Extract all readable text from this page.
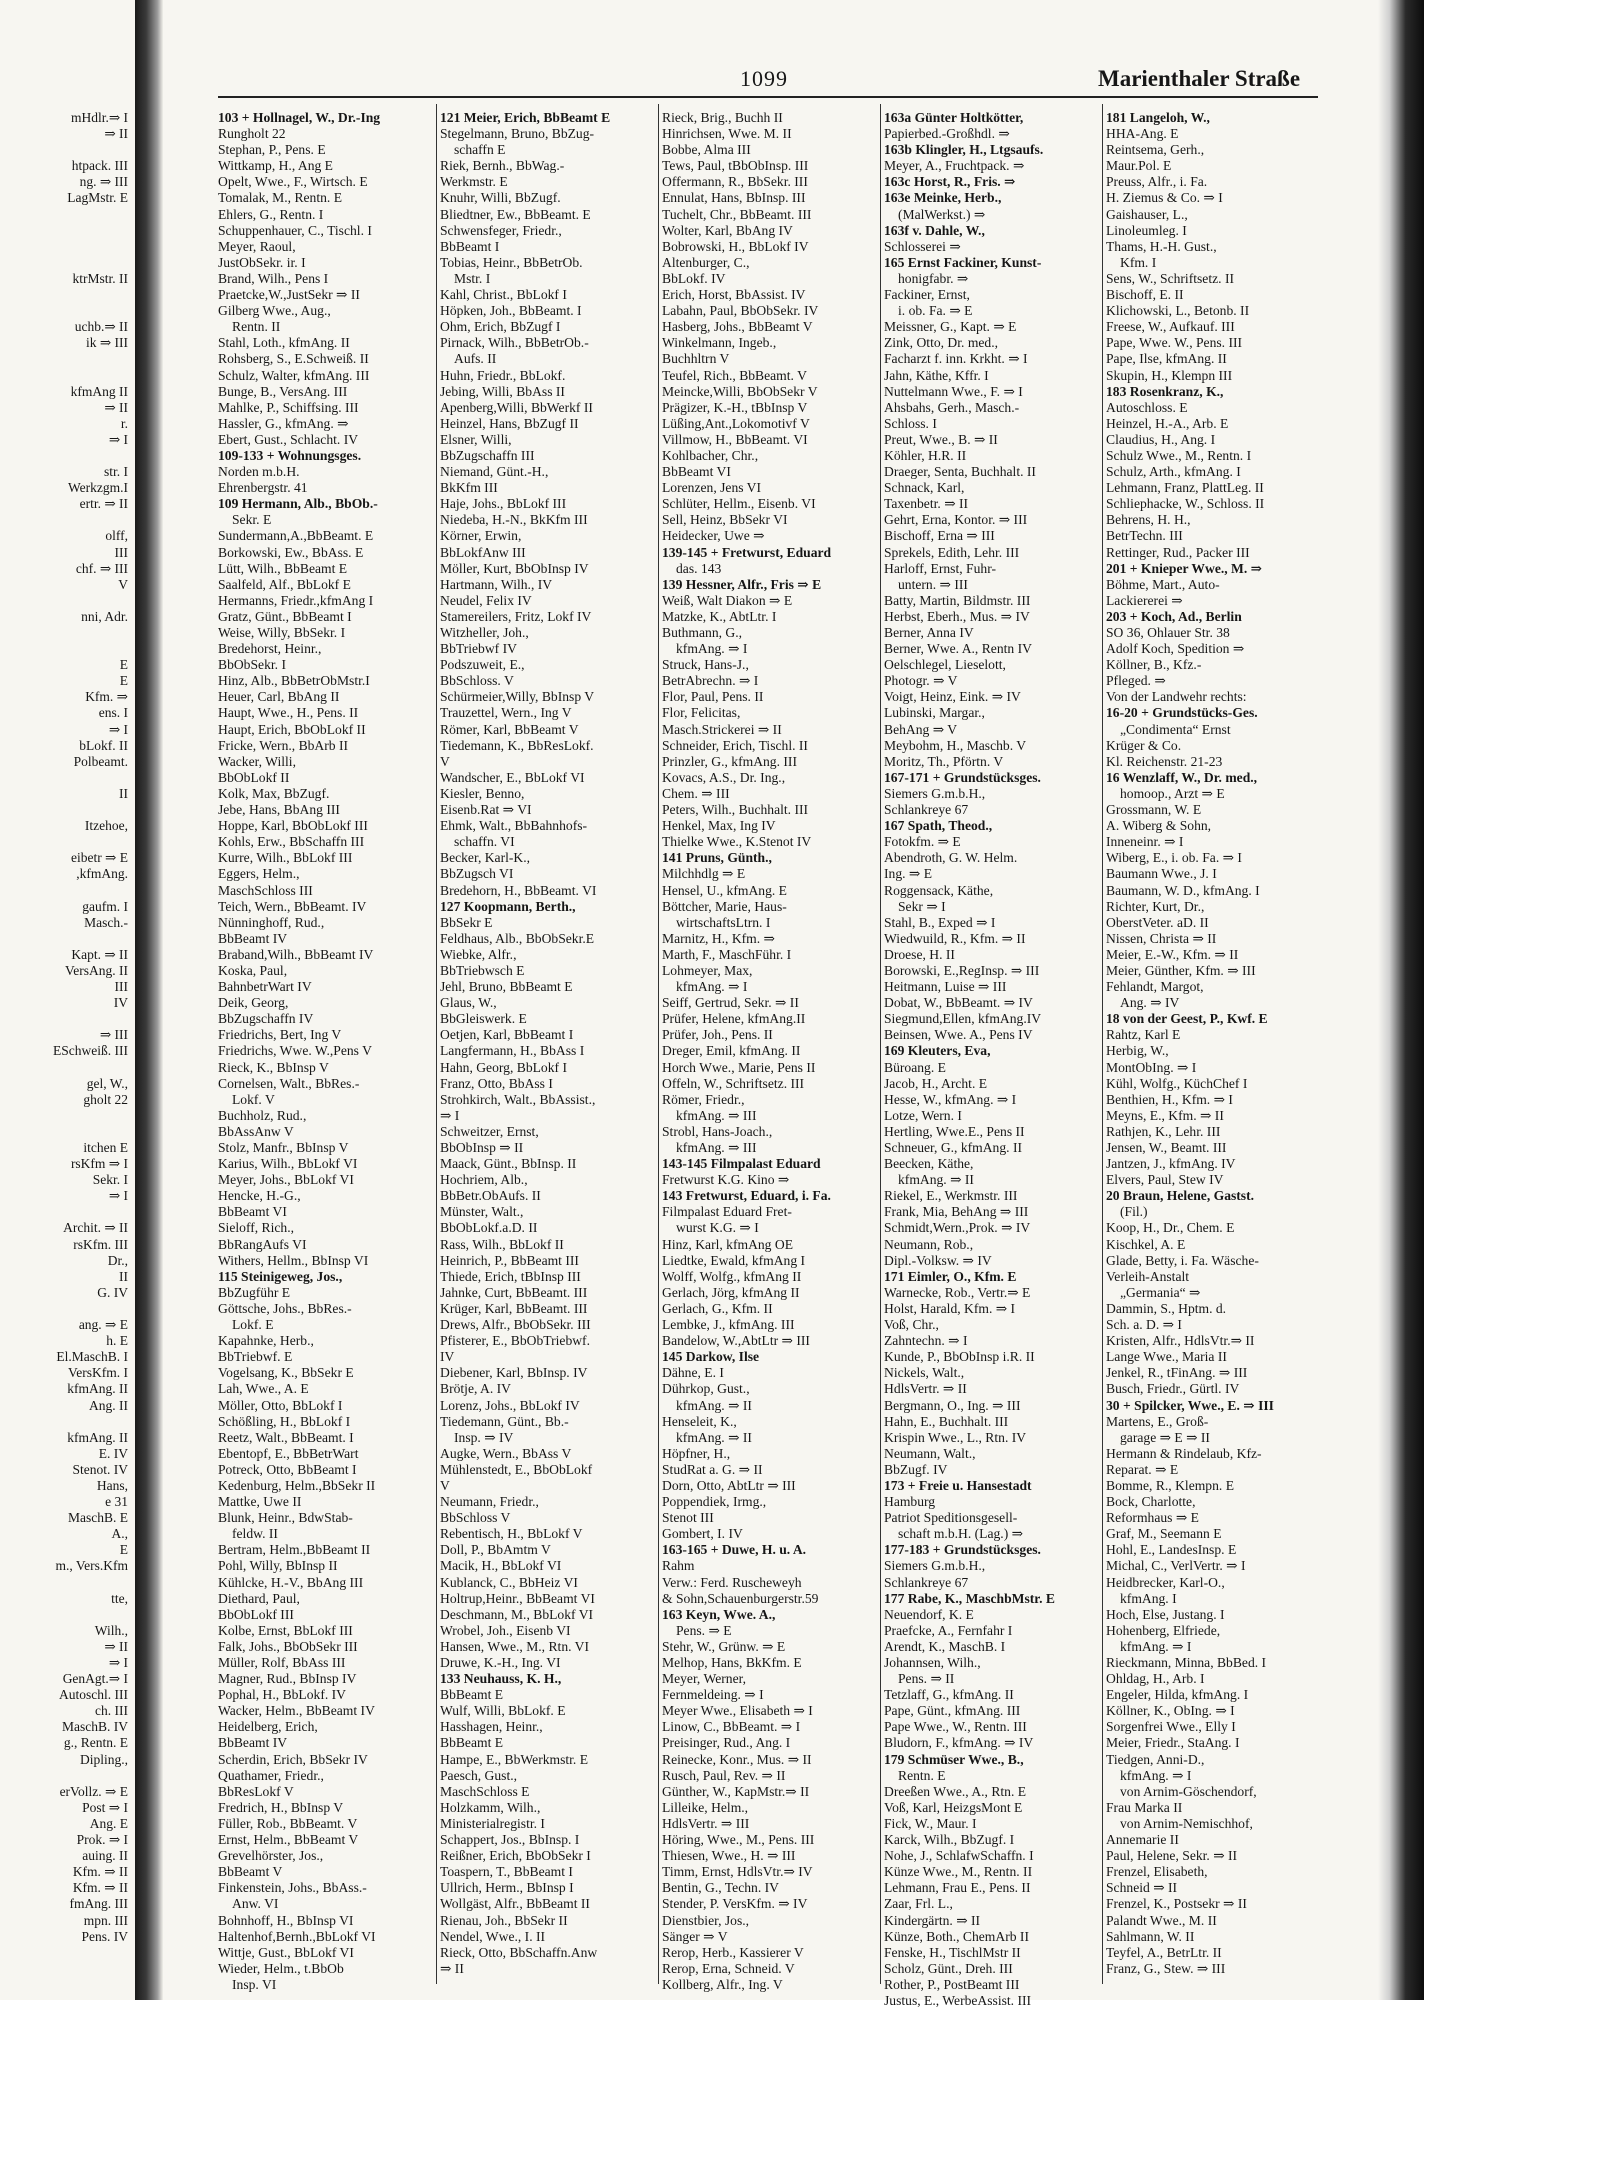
mHdlr.⇒ I
⇒ II

htpack. III
ng. ⇒ III
LagMstr. E

ktrMstr. II

uchb.⇒ II
ik ⇒ III

kfmAng II
⇒ II
r.
⇒ I

str. I
Werkzgm.I
ertr. ⇒ II

olff,
III
chf. ⇒ III
V

nni, Adr.

E
E
Kfm. ⇒
ens. I
⇒ I
bLokf. II
Polbeamt.

II

Itzehoe,

eibetr ⇒ E
,kfmAng.

gaufm. I
Masch.-

Kapt. ⇒ II
VersAng. II
III
IV

⇒ III
ESchweiß. III

gel, W.,
gholt 22

itchen E
rsKfm ⇒ I
Sekr. I
⇒ I

Archit. ⇒ II
rsKfm. III
Dr.,
II
G. IV

ang. ⇒ E
h. E
El.MaschB. I
VersKfm. I
kfmAng. II
Ang. II

kfmAng. II
E. IV
Stenot. IV
Hans,
e 31
MaschB. E
A.,
E
m., Vers.Kfm

tte,

Wilh.,
⇒ II
⇒ I
GenAgt.⇒ I
Autoschl. III
ch. III
MaschB. IV
g., Rentn. E
Dipling.,

erVollz. ⇒ E
Post ⇒ I
Ang. E
Prok. ⇒ I
auing. II
Kfm. ⇒ II
Kfm. ⇒ II
fmAng. III
mpn. III
Pens. IV
1099	Marienthaler Straße
103 + Hollnagel, W., Dr.-Ing
Rungholt 22
Stephan, P., Pens. E
Wittkamp, H., Ang E
Opelt, Wwe., F., Wirtsch. E
Tomalak, M., Rentn. E
Ehlers, G., Rentn. I
Schuppenhauer, C., Tischl. I
Meyer, Raoul,
JustObSekr. ir. I
Brand, Wilh., Pens I
Praetcke,W.,JustSekr ⇒ II
Gilberg Wwe., Aug.,
Rentn. II
Stahl, Loth., kfmAng. II
Rohsberg, S., E.Schweiß. II
Schulz, Walter, kfmAng. III
Bunge, B., VersAng. III
Mahlke, P., Schiffsing. III
Hassler, G., kfmAng. ⇒
Ebert, Gust., Schlacht. IV
109-133 + Wohnungsges.
Norden m.b.H.
Ehrenbergstr. 41
109 Hermann, Alb., BbOb.-
Sekr. E
Sundermann,A.,BbBeamt. E
Borkowski, Ew., BbAss. E
Lütt, Wilh., BbBeamt E
Saalfeld, Alf., BbLokf E
Hermanns, Friedr.,kfmAng I
Gratz, Günt., BbBeamt I
Weise, Willy, BbSekr. I
Bredehorst, Heinr.,
BbObSekr. I
Hinz, Alb., BbBetrObMstr.I
Heuer, Carl, BbAng II
Haupt, Wwe., H., Pens. II
Haupt, Erich, BbObLokf II
Fricke, Wern., BbArb II
Wacker, Willi,
BbObLokf II
Kolk, Max, BbZugf.
Jebe, Hans, BbAng III
Hoppe, Karl, BbObLokf III
Kohls, Erw., BbSchaffn III
Kurre, Wilh., BbLokf III
Eggers, Helm.,
MaschSchloss III
Teich, Wern., BbBeamt. IV
Nünninghoff, Rud.,
BbBeamt IV
Braband,Wilh., BbBeamt IV
Koska, Paul,
BahnbetrWart IV
Deik, Georg,
BbZugschaffn IV
Friedrichs, Bert, Ing V
Friedrichs, Wwe. W.,Pens V
Rieck, K., BbInsp V
Cornelsen, Walt., BbRes.-
Lokf. V
Buchholz, Rud.,
BbAssAnw V
Stolz, Manfr., BbInsp V
Karius, Wilh., BbLokf VI
Meyer, Johs., BbLokf VI
Hencke, H.-G.,
BbBeamt VI
Sieloff, Rich.,
BbRangAufs VI
Withers, Hellm., BbInsp VI
115 Steinigeweg, Jos.,
BbZugführ E
Göttsche, Johs., BbRes.-
Lokf. E
Kapahnke, Herb.,
BbTriebwf. E
Vogelsang, K., BbSekr E
Lah, Wwe., A. E
Möller, Otto, BbLokf I
Schößling, H., BbLokf I
Reetz, Walt., BbBeamt. I
Ebentopf, E., BbBetrWart
Potreck, Otto, BbBeamt I
Kedenburg, Helm.,BbSekr II
Mattke, Uwe II
Blunk, Heinr., BdwStab-
feldw. II
Bertram, Helm.,BbBeamt II
Pohl, Willy, BbInsp II
Kühlcke, H.-V., BbAng III
Diethard, Paul,
BbObLokf III
Kolbe, Ernst, BbLokf III
Falk, Johs., BbObSekr III
Müller, Rolf, BbAss III
Magner, Rud., BbInsp IV
Pophal, H., BbLokf. IV
Wacker, Helm., BbBeamt IV
Heidelberg, Erich,
BbBeamt IV
Scherdin, Erich, BbSekr IV
Quathamer, Friedr.,
BbResLokf V
Fredrich, H., BbInsp V
Füller, Rob., BbBeamt. V
Ernst, Helm., BbBeamt V
Grevelhörster, Jos.,
BbBeamt V
Finkenstein, Johs., BbAss.-
Anw. VI
Bohnhoff, H., BbInsp VI
Haltenhof,Bernh.,BbLokf VI
Wittje, Gust., BbLokf VI
Wieder, Helm., t.BbOb
Insp. VI
121 Meier, Erich, BbBeamt E
Stegelmann, Bruno, BbZug-
schaffn E
Riek, Bernh., BbWag.-
Werkmstr. E
Knuhr, Willi, BbZugf.
Bliedtner, Ew., BbBeamt. E
Schwensfeger, Friedr.,
BbBeamt I
Tobias, Heinr., BbBetrOb.
Mstr. I
Kahl, Christ., BbLokf I
Höpken, Joh., BbBeamt. I
Ohm, Erich, BbZugf I
Pirnack, Wilh., BbBetrOb.-
Aufs. II
Huhn, Friedr., BbLokf.
Jebing, Willi, BbAss II
Apenberg,Willi, BbWerkf II
Heinzel, Hans, BbZugf II
Elsner, Willi,
BbZugschaffn III
Niemand, Günt.-H.,
BkKfm III
Haje, Johs., BbLokf III
Niedeba, H.-N., BkKfm III
Körner, Erwin,
BbLokfAnw III
Möller, Kurt, BbObInsp IV
Hartmann, Wilh., IV
Neudel, Felix IV
Stamereilers, Fritz, Lokf IV
Witzheller, Joh.,
BbTriebwf IV
Podszuweit, E.,
BbSchloss. V
Schürmeier,Willy, BbInsp V
Trauzettel, Wern., Ing V
Römer, Karl, BbBeamt V
Tiedemann, K., BbResLokf.
V
Wandscher, E., BbLokf VI
Kiesler, Benno,
Eisenb.Rat ⇒ VI
Ehmk, Walt., BbBahnhofs-
schaffn. VI
Becker, Karl-K.,
BbZugsch VI
Bredehorn, H., BbBeamt. VI
127 Koopmann, Berth.,
BbSekr E
Feldhaus, Alb., BbObSekr.E
Wiebke, Alfr.,
BbTriebwsch E
Jehl, Bruno, BbBeamt E
Glaus, W.,
BbGleiswerk. E
Oetjen, Karl, BbBeamt I
Langfermann, H., BbAss I
Hahn, Georg, BbLokf I
Franz, Otto, BbAss I
Strohkirch, Walt., BbAssist.,
⇒ I
Schweitzer, Ernst,
BbObInsp ⇒ II
Maack, Günt., BbInsp. II
Hochriem, Alb.,
BbBetr.ObAufs. II
Münster, Walt.,
BbObLokf.a.D. II
Rass, Wilh., BbLokf II
Heinrich, P., BbBeamt III
Thiede, Erich, tBbInsp III
Jahnke, Curt, BbBeamt. III
Krüger, Karl, BbBeamt. III
Drews, Alfr., BbObSekr. III
Pfisterer, E., BbObTriebwf.
IV
Diebener, Karl, BbInsp. IV
Brötje, A. IV
Lorenz, Johs., BbLokf IV
Tiedemann, Günt., Bb.-
Insp. ⇒ IV
Augke, Wern., BbAss V
Mühlenstedt, E., BbObLokf
V
Neumann, Friedr.,
BbSchloss V
Rebentisch, H., BbLokf V
Doll, P., BbAmtm V
Macik, H., BbLokf VI
Kublanck, C., BbHeiz VI
Holtrup,Heinr., BbBeamt VI
Deschmann, M., BbLokf VI
Wrobel, Joh., Eisenb VI
Hansen, Wwe., M., Rtn. VI
Druwe, K.-H., Ing. VI
133 Neuhauss, K. H.,
BbBeamt E
Wulf, Willi, BbLokf. E
Hasshagen, Heinr.,
BbBeamt E
Hampe, E., BbWerkmstr. E
Paesch, Gust.,
MaschSchloss E
Holzkamm, Wilh.,
Ministerialregistr. I
Schappert, Jos., BbInsp. I
Reißner, Erich, BbObSekr I
Toaspern, T., BbBeamt I
Ullrich, Herm., BbInsp I
Wollgäst, Alfr., BbBeamt II
Rienau, Joh., BbSekr II
Nendel, Wwe., I. II
Rieck, Otto, BbSchaffn.Anw
⇒ II
Rieck, Brig., Buchh II
Hinrichsen, Wwe. M. II
Bobbe, Alma III
Tews, Paul, tBbObInsp. III
Offermann, R., BbSekr. III
Ennulat, Hans, BbInsp. III
Tuchelt, Chr., BbBeamt. III
Wolter, Karl, BbAng IV
Bobrowski, H., BbLokf IV
Altenburger, C.,
BbLokf. IV
Erich, Horst, BbAssist. IV
Labahn, Paul, BbObSekr. IV
Hasberg, Johs., BbBeamt V
Winkelmann, Ingeb.,
Buchhltrn V
Teufel, Rich., BbBeamt. V
Meincke,Willi, BbObSekr V
Prägizer, K.-H., tBbInsp V
Lüßing,Ant.,Lokomotivf V
Villmow, H., BbBeamt. VI
Kohlbacher, Chr.,
BbBeamt VI
Lorenzen, Jens VI
Schlüter, Hellm., Eisenb. VI
Sell, Heinz, BbSekr VI
Heidecker, Uwe ⇒
139-145 + Fretwurst, Eduard
das. 143
139 Hessner, Alfr., Fris ⇒ E
Weiß, Walt Diakon ⇒ E
Matzke, K., AbtLtr. I
Buthmann, G.,
kfmAng. ⇒ I
Struck, Hans-J.,
BetrAbrechn. ⇒ I
Flor, Paul, Pens. II
Flor, Felicitas,
Masch.Strickerei ⇒ II
Schneider, Erich, Tischl. II
Prinzler, G., kfmAng. III
Kovacs, A.S., Dr. Ing.,
Chem. ⇒ III
Peters, Wilh., Buchhalt. III
Henkel, Max, Ing IV
Thielke Wwe., K.Stenot IV
141 Pruns, Günth.,
Milchhdlg ⇒ E
Hensel, U., kfmAng. E
Böttcher, Marie, Haus-
wirtschaftsLtrn. I
Marnitz, H., Kfm. ⇒
Marth, F., MaschFühr. I
Lohmeyer, Max,
kfmAng. ⇒ I
Seiff, Gertrud, Sekr. ⇒ II
Prüfer, Helene, kfmAng.II
Prüfer, Joh., Pens. II
Dreger, Emil, kfmAng. II
Horch Wwe., Marie, Pens II
Offeln, W., Schriftsetz. III
Römer, Friedr.,
kfmAng. ⇒ III
Strobl, Hans-Joach.,
kfmAng. ⇒ III
143-145 Filmpalast Eduard
Fretwurst K.G. Kino ⇒
143 Fretwurst, Eduard, i. Fa.
Filmpalast Eduard Fret-
wurst K.G. ⇒ I
Hinz, Karl, kfmAng OE
Liedtke, Ewald, kfmAng I
Wolff, Wolfg., kfmAng II
Gerlach, Jörg, kfmAng II
Gerlach, G., Kfm. II
Lembke, J., kfmAng. III
Bandelow, W.,AbtLtr ⇒ III
145 Darkow, Ilse
Dähne, E. I
Dührkop, Gust.,
kfmAng. ⇒ II
Henseleit, K.,
kfmAng. ⇒ II
Höpfner, H.,
StudRat a. G. ⇒ II
Dorn, Otto, AbtLtr ⇒ III
Poppendiek, Irmg.,
Stenot III
Gombert, I. IV
163-165 + Duwe, H. u. A.
Rahm
Verw.: Ferd. Ruscheweyh
& Sohn,Schauenburgerstr.59
163 Keyn, Wwe. A.,
Pens. ⇒ E
Stehr, W., Grünw. ⇒ E
Melhop, Hans, BkKfm. E
Meyer, Werner,
Fernmeldeing. ⇒ I
Meyer Wwe., Elisabeth ⇒ I
Linow, C., BbBeamt. ⇒ I
Preisinger, Rud., Ang. I
Reinecke, Konr., Mus. ⇒ II
Rusch, Paul, Rev. ⇒ II
Günther, W., KapMstr.⇒ II
Lilleike, Helm.,
HdlsVertr. ⇒ III
Höring, Wwe., M., Pens. III
Thiesen, Wwe., H. ⇒ III
Timm, Ernst, HdlsVtr.⇒ IV
Bentin, G., Techn. IV
Stender, P. VersKfm. ⇒ IV
Dienstbier, Jos.,
Sänger ⇒ V
Rerop, Herb., Kassierer V
Rerop, Erna, Schneid. V
Kollberg, Alfr., Ing. V
163a Günter Holtkötter,
Papierbed.-Großhdl. ⇒
163b Klingler, H., Ltgsaufs.
Meyer, A., Fruchtpack. ⇒
163c Horst, R., Fris. ⇒
163e Meinke, Herb.,
(MalWerkst.) ⇒
163f v. Dahle, W.,
Schlosserei ⇒
165 Ernst Fackiner, Kunst-
honigfabr. ⇒
Fackiner, Ernst,
i. ob. Fa. ⇒ E
Meissner, G., Kapt. ⇒ E
Zink, Otto, Dr. med.,
Facharzt f. inn. Krkht. ⇒ I
Jahn, Käthe, Kffr. I
Nuttelmann Wwe., F. ⇒ I
Ahsbahs, Gerh., Masch.-
Schloss. I
Preut, Wwe., B. ⇒ II
Köhler, H.R. II
Draeger, Senta, Buchhalt. II
Schnack, Karl,
Taxenbetr. ⇒ II
Gehrt, Erna, Kontor. ⇒ III
Bischoff, Erna ⇒ III
Sprekels, Edith, Lehr. III
Harloff, Ernst, Fuhr-
untern. ⇒ III
Batty, Martin, Bildmstr. III
Herbst, Eberh., Mus. ⇒ IV
Berner, Anna IV
Berner, Wwe. A., Rentn IV
Oelschlegel, Lieselott,
Photogr. ⇒ V
Voigt, Heinz, Eink. ⇒ IV
Lubinski, Margar.,
BehAng ⇒ V
Meybohm, H., Maschb. V
Moritz, Th., Pförtn. V
167-171 + Grundstücksges.
Siemers G.m.b.H.,
Schlankreye 67
167 Spath, Theod.,
Fotokfm. ⇒ E
Abendroth, G. W. Helm.
Ing. ⇒ E
Roggensack, Käthe,
Sekr ⇒ I
Stahl, B., Exped ⇒ I
Wiedwuild, R., Kfm. ⇒ II
Droese, H. II
Borowski, E.,RegInsp. ⇒ III
Heitmann, Luise ⇒ III
Dobat, W., BbBeamt. ⇒ IV
Siegmund,Ellen, kfmAng.IV
Beinsen, Wwe. A., Pens IV
169 Kleuters, Eva,
Büroang. E
Jacob, H., Archt. E
Hesse, W., kfmAng. ⇒ I
Lotze, Wern. I
Hertling, Wwe.E., Pens II
Schneuer, G., kfmAng. II
Beecken, Käthe,
kfmAng. ⇒ II
Riekel, E., Werkmstr. III
Frank, Mia, BehAng ⇒ III
Schmidt,Wern.,Prok. ⇒ IV
Neumann, Rob.,
Dipl.-Volksw. ⇒ IV
171 Eimler, O., Kfm. E
Warnecke, Rob., Vertr.⇒ E
Holst, Harald, Kfm. ⇒ I
Voß, Chr.,
Zahntechn. ⇒ I
Kunde, P., BbObInsp i.R. II
Nickels, Walt.,
HdlsVertr. ⇒ II
Bergmann, O., Ing. ⇒ III
Hahn, E., Buchhalt. III
Krispin Wwe., L., Rtn. IV
Neumann, Walt.,
BbZugf. IV
173 + Freie u. Hansestadt
Hamburg
Patriot Speditionsgesell-
schaft m.b.H. (Lag.) ⇒
177-183 + Grundstücksges.
Siemers G.m.b.H.,
Schlankreye 67
177 Rabe, K., MaschbMstr. E
Neuendorf, K. E
Praefcke, A., Fernfahr I
Arendt, K., MaschB. I
Johannsen, Wilh.,
Pens. ⇒ II
Tetzlaff, G., kfmAng. II
Pape, Günt., kfmAng. III
Pape Wwe., W., Rentn. III
Bludorn, F., kfmAng. ⇒ IV
179 Schmüser Wwe., B.,
Rentn. E
Dreeßen Wwe., A., Rtn. E
Voß, Karl, HeizgsMont E
Fick, W., Maur. I
Karck, Wilh., BbZugf. I
Nohe, J., SchlafwSchaffn. I
Künze Wwe., M., Rentn. II
Lehmann, Frau E., Pens. II
Zaar, Frl. L.,
Kindergärtn. ⇒ II
Künze, Both., ChemArb II
Fenske, H., TischlMstr II
Scholz, Günt., Dreh. III
Rother, P., PostBeamt III
Justus, E., WerbeAssist. III
181 Langeloh, W.,
HHA-Ang. E
Reintsema, Gerh.,
Maur.Pol. E
Preuss, Alfr., i. Fa.
H. Ziemus & Co. ⇒ I
Gaishauser, L.,
Linoleumleg. I
Thams, H.-H. Gust.,
Kfm. I
Sens, W., Schriftsetz. II
Bischoff, E. II
Klichowski, L., Betonb. II
Freese, W., Aufkauf. III
Pape, Wwe. W., Pens. III
Pape, Ilse, kfmAng. II
Skupin, H., Klempn III
183 Rosenkranz, K.,
Autoschloss. E
Heinzel, H.-A., Arb. E
Claudius, H., Ang. I
Schulz Wwe., M., Rentn. I
Schulz, Arth., kfmAng. I
Lehmann, Franz, PlattLeg. II
Schliephacke, W., Schloss. II
Behrens, H. H.,
BetrTechn. III
Rettinger, Rud., Packer III
201 + Knieper Wwe., M. ⇒
Böhme, Mart., Auto-
Lackiererei ⇒
203 + Koch, Ad., Berlin
SO 36, Ohlauer Str. 38
Adolf Koch, Spedition ⇒
Köllner, B., Kfz.-
Pfleged. ⇒
Von der Landwehr rechts:
16-20 + Grundstücks-Ges.
„Condimenta“ Ernst
Krüger & Co.
Kl. Reichenstr. 21-23
16 Wenzlaff, W., Dr. med.,
homoop., Arzt ⇒ E
Grossmann, W. E
A. Wiberg & Sohn,
Inneneinr. ⇒ I
Wiberg, E., i. ob. Fa. ⇒ I
Baumann Wwe., J. I
Baumann, W. D., kfmAng. I
Richter, Kurt, Dr.,
OberstVeter. aD. II
Nissen, Christa ⇒ II
Meier, E.-W., Kfm. ⇒ II
Meier, Günther, Kfm. ⇒ III
Fehlandt, Margot,
Ang. ⇒ IV
18 von der Geest, P., Kwf. E
Rahtz, Karl E
Herbig, W.,
MontObIng. ⇒ I
Kühl, Wolfg., KüchChef I
Benthien, H., Kfm. ⇒ I
Meyns, E., Kfm. ⇒ II
Rathjen, K., Lehr. III
Jensen, W., Beamt. III
Jantzen, J., kfmAng. IV
Elvers, Paul, Stew IV
20 Braun, Helene, Gastst.
(Fil.)
Koop, H., Dr., Chem. E
Kischkel, A. E
Glade, Betty, i. Fa. Wäsche-
Verleih-Anstalt
„Germania“ ⇒
Dammin, S., Hptm. d.
Sch. a. D. ⇒ I
Kristen, Alfr., HdlsVtr.⇒ II
Lange Wwe., Maria II
Jenkel, R., tFinAng. ⇒ III
Busch, Friedr., Gürtl. IV
30 + Spilcker, Wwe., E. ⇒ III
Martens, E., Groß-
garage ⇒ E ⇒ II
Hermann & Rindelaub, Kfz-
Reparat. ⇒ E
Bomme, R., Klempn. E
Bock, Charlotte,
Reformhaus ⇒ E
Graf, M., Seemann E
Hohl, E., LandesInsp. E
Michal, C., VerlVertr. ⇒ I
Heidbrecker, Karl-O.,
kfmAng. I
Hoch, Else, Justang. I
Hohenberg, Elfriede,
kfmAng. ⇒ I
Rieckmann, Minna, BbBed. I
Ohldag, H., Arb. I
Engeler, Hilda, kfmAng. I
Köllner, K., ObIng. ⇒ I
Sorgenfrei Wwe., Elly I
Meier, Friedr., StaAng. I
Tiedgen, Anni-D.,
kfmAng. ⇒ I
von Arnim-Göschendorf,
Frau Marka II
von Arnim-Nemischhof,
Annemarie II
Paul, Helene, Sekr. ⇒ II
Frenzel, Elisabeth,
Schneid ⇒ II
Frenzel, K., Postsekr ⇒ II
Palandt Wwe., M. II
Sahlmann, W. II
Teyfel, A., BetrLtr. II
Franz, G., Stew. ⇒ III
